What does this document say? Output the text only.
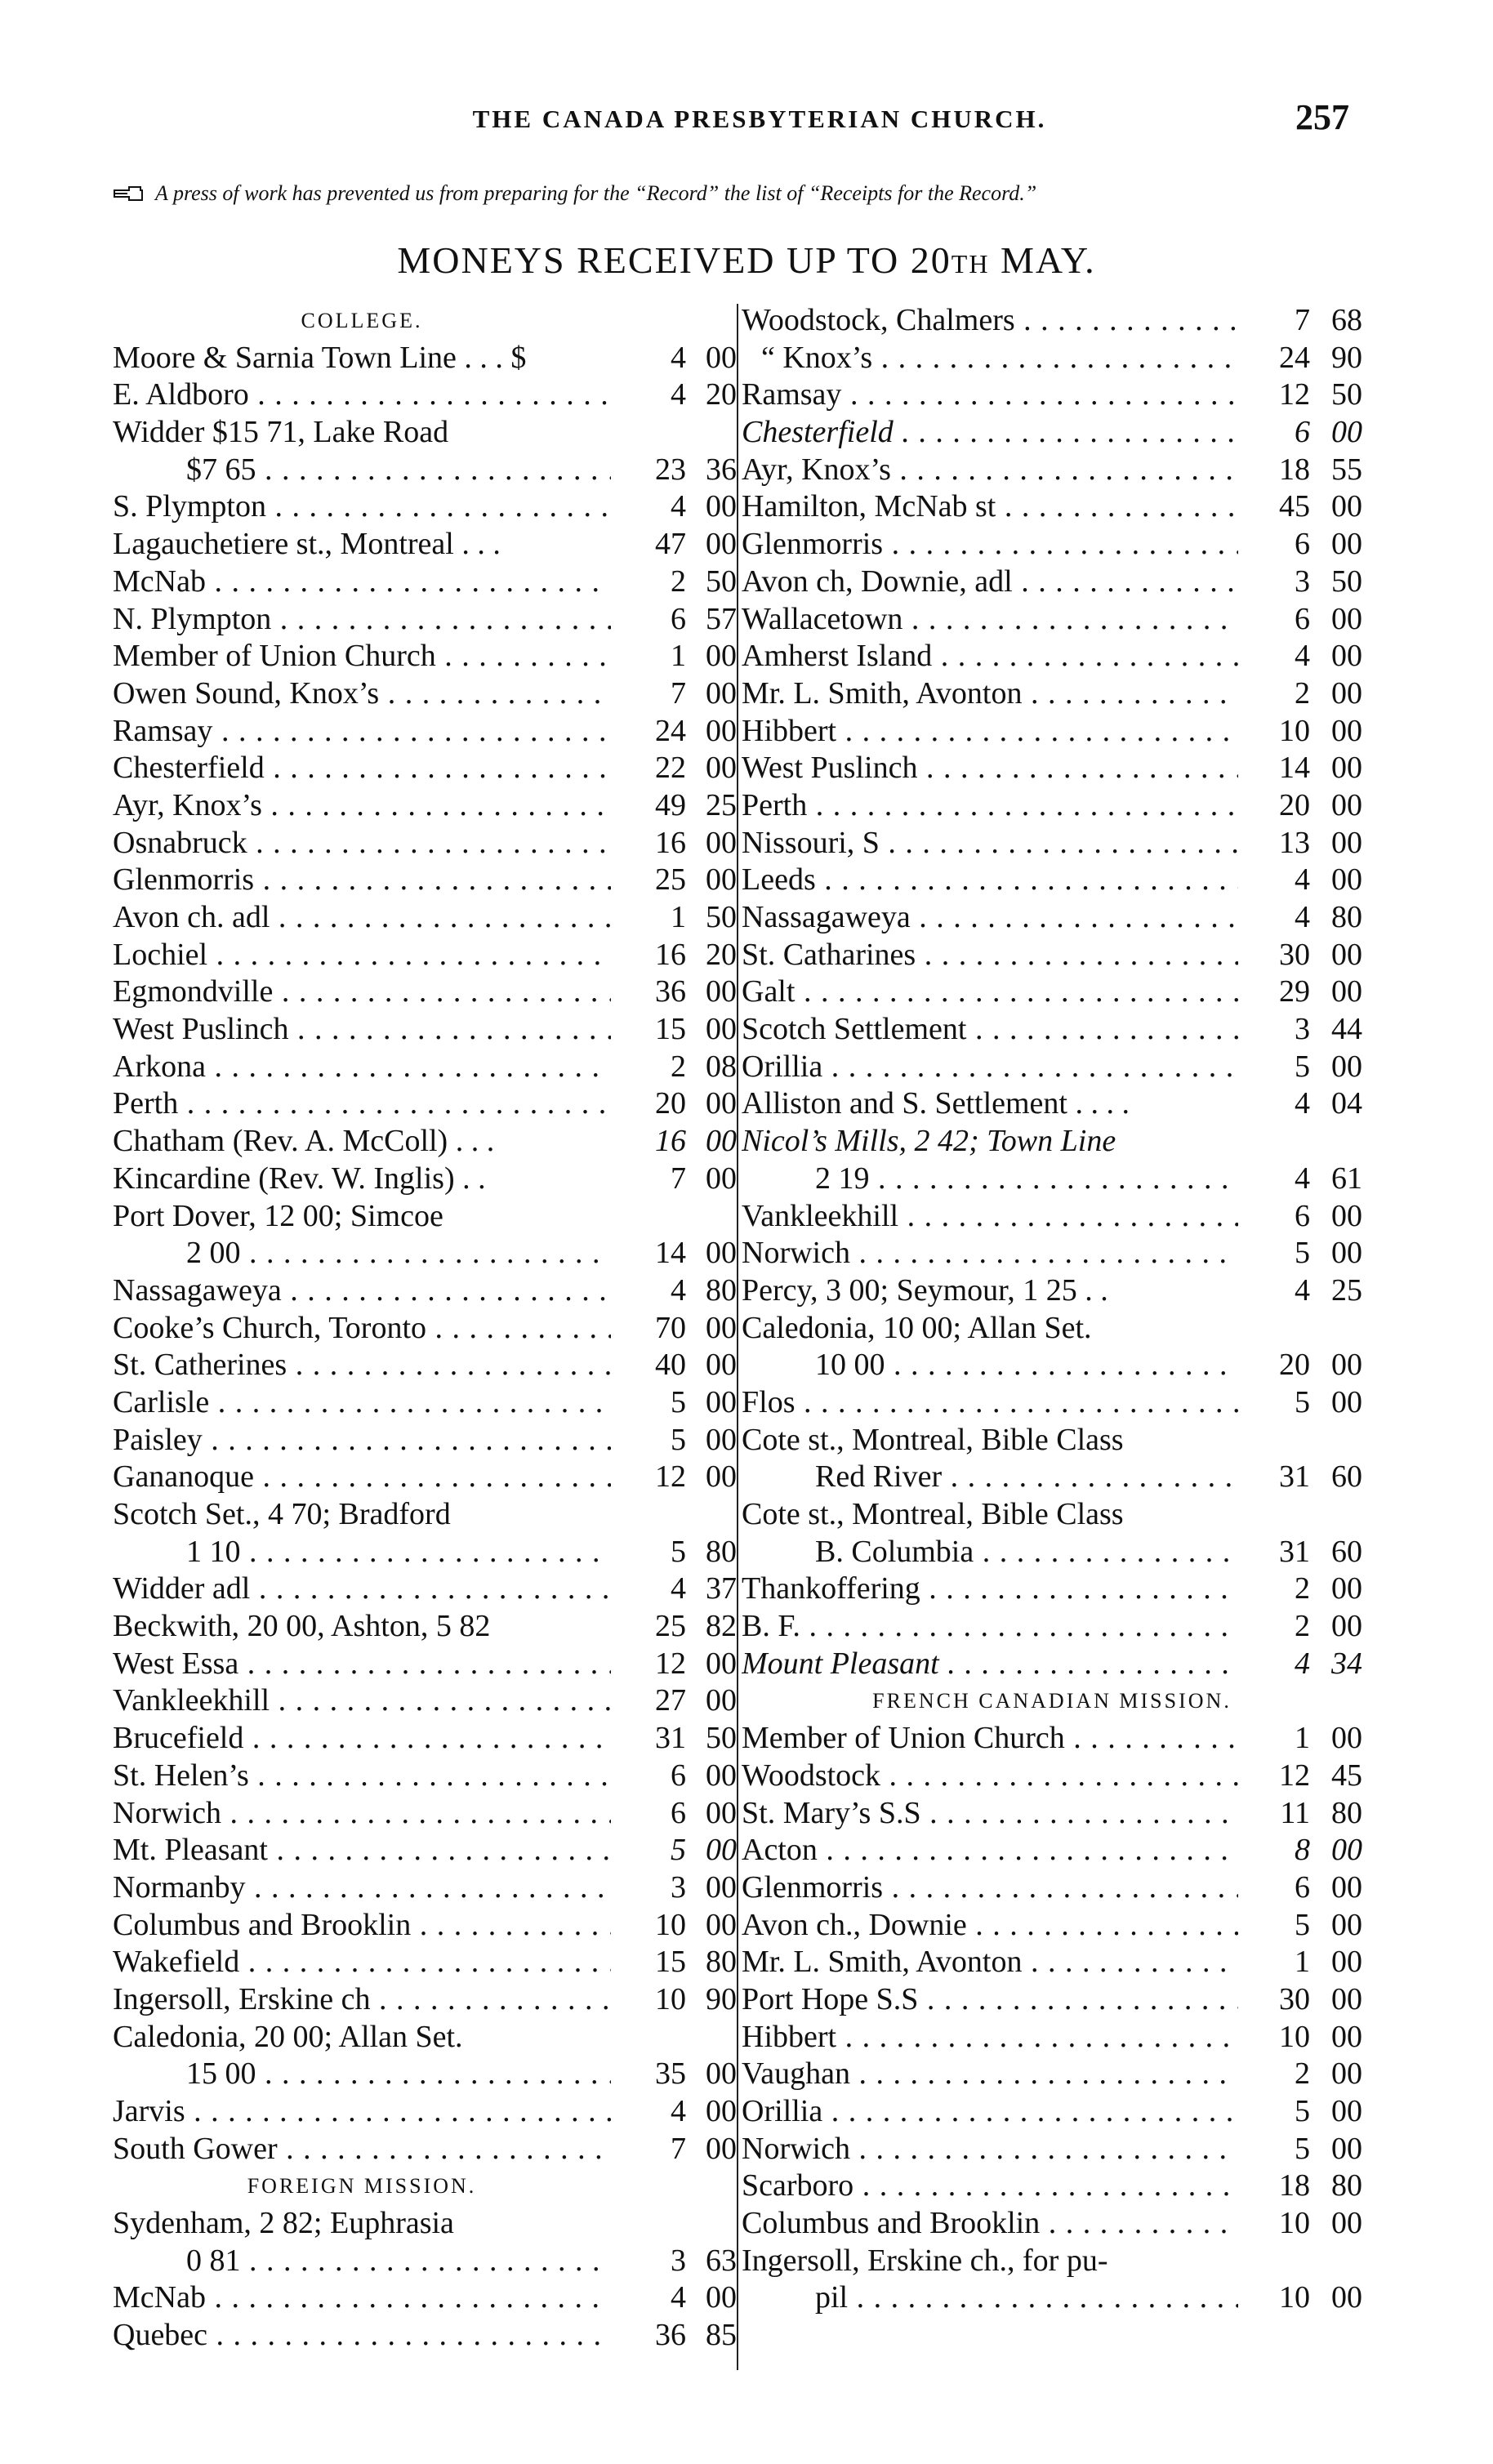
THE CANADA PRESBYTERIAN CHURCH.	257
A press of work has prevented us from preparing for the “Record” the list of “Receipts for the Record.”
MONEYS RECEIVED UP TO 20TH MAY.
COLLEGE.
Moore & Sarnia Town Line . . . $	4 00
E. Aldboro . . .	4 20
Widder $15 71, Lake Road
$7 65 . . .	23 36
S. Plympton . . .	4 00
Lagauchetiere st., Montreal . . .	47 00
McNab . . .	2 50
N. Plympton . . .	6 57
Member of Union Church . . .	1 00
Owen Sound, Knox’s . . .	7 00
Ramsay . . .	24 00
Chesterfield . . .	22 00
Ayr, Knox’s . . .	49 25
Osnabruck . . .	16 00
Glenmorris . . .	25 00
Avon ch. adl . . .	1 50
Lochiel . . .	16 20
Egmondville . . .	36 00
West Puslinch . . .	15 00
Arkona . . .	2 08
Perth . . .	20 00
Chatham (Rev. A. McColl) . . .	16 00
Kincardine (Rev. W. Inglis) . .	7 00
Port Dover, 12 00; Simcoe
2 00 . . .	14 00
Nassagaweya . . .	4 80
Cooke’s Church, Toronto . . .	70 00
St. Catherines . . .	40 00
Carlisle . . .	5 00
Paisley . . .	5 00
Gananoque . . .	12 00
Scotch Set., 4 70; Bradford
1 10 . . .	5 80
Widder adl . . .	4 37
Beckwith, 20 00, Ashton, 5 82	25 82
West Essa . . .	12 00
Vankleekhill . . .	27 00
Brucefield . . .	31 50
St. Helen’s . . .	6 00
Norwich . . .	6 00
Mt. Pleasant . . .	5 00
Normanby . . .	3 00
Columbus and Brooklin . . .	10 00
Wakefield . . .	15 80
Ingersoll, Erskine ch . . .	10 90
Caledonia, 20 00; Allan Set.
15 00 . . .	35 00
Jarvis . . .	4 00
South Gower . . .	7 00
FOREIGN MISSION.
Sydenham, 2 82; Euphrasia
0 81 . . .	3 63
McNab . . .	4 00
Quebec . . .	36 85
Woodstock, Chalmers . . .	7 68
“ Knox’s . . .	24 90
Ramsay . . .	12 50
Chesterfield . . .	6 00
Ayr, Knox’s . . .	18 55
Hamilton, McNab st . . .	45 00
Glenmorris . . .	6 00
Avon ch, Downie, adl . . .	3 50
Wallacetown . . .	6 00
Amherst Island . . .	4 00
Mr. L. Smith, Avonton . . .	2 00
Hibbert . . .	10 00
West Puslinch . . .	14 00
Perth . . .	20 00
Nissouri, S . . .	13 00
Leeds . . .	4 00
Nassagaweya . . .	4 80
St. Catharines . . .	30 00
Galt . . .	29 00
Scotch Settlement . . .	3 44
Orillia . . .	5 00
Alliston and S. Settlement . . . .	4 04
Nicol’s Mills, 2 42; Town Line
2 19 . . .	4 61
Vankleekhill . . .	6 00
Norwich . . .	5 00
Percy, 3 00; Seymour, 1 25 . .	4 25
Caledonia, 10 00; Allan Set.
10 00 . . .	20 00
Flos . . .	5 00
Cote st., Montreal, Bible Class
Red River . . .	31 60
Cote st., Montreal, Bible Class
B. Columbia . . .	31 60
Thankoffering . . .	2 00
B. F. . . .	2 00
Mount Pleasant . . .	4 34
FRENCH CANADIAN MISSION.
Member of Union Church . . .	1 00
Woodstock . . .	12 45
St. Mary’s S.S . . .	11 80
Acton . . .	8 00
Glenmorris . . .	6 00
Avon ch., Downie . . .	5 00
Mr. L. Smith, Avonton . . .	1 00
Port Hope S.S . . .	30 00
Hibbert . . .	10 00
Vaughan . . .	2 00
Orillia . . .	5 00
Norwich . . .	5 00
Scarboro . . .	18 80
Columbus and Brooklin . . .	10 00
Ingersoll, Erskine ch., for pu-
pil . . .	10 00
